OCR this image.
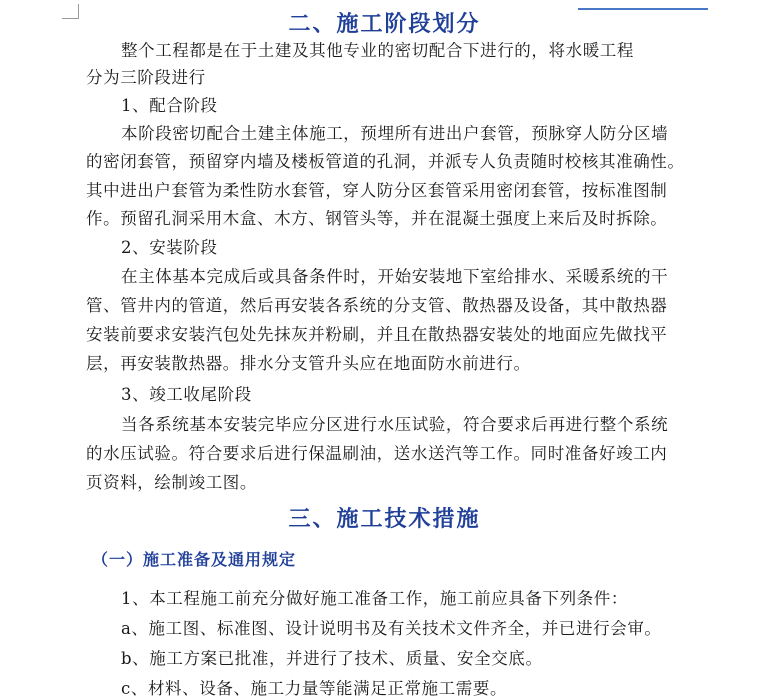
二、施工阶段划分
整个工程都是在于土建及其他专业的密切配合下进行的，将水暖工程
分为三阶段进行
1、配合阶段
本阶段密切配合土建主体施工，预埋所有进出户套管，预脉穿人防分区墙
的密闭套管，预留穿内墙及楼板管道的孔洞，并派专人负责随时校核其准确性。
其中进出户套管为柔性防水套管，穿人防分区套管采用密闭套管，按标准图制
作。预留孔洞采用木盒、木方、钢管头等，并在混凝土强度上来后及时拆除。
2、安装阶段
在主体基本完成后或具备条件时，开始安装地下室给排水、采暖系统的干
管、管井内的管道，然后再安装各系统的分支管、散热器及设备，其中散热器
安装前要求安装汽包处先抹灰并粉刷，并且在散热器安装处的地面应先做找平
层，再安装散热器。排水分支管升头应在地面防水前进行。
3、竣工收尾阶段
当各系统基本安装完毕应分区进行水压试验，符合要求后再进行整个系统
的水压试验。符合要求后进行保温刷油，送水送汽等工作。同时准备好竣工内
页资料，绘制竣工图。
三、施工技术措施
（一）施工准备及通用规定
1、本工程施工前充分做好施工准备工作，施工前应具备下列条件：
a、施工图、标准图、设计说明书及有关技术文件齐全，并已进行会审。
b、施工方案已批准，并进行了技术、质量、安全交底。
c、材料、设备、施工力量等能满足正常施工需要。
